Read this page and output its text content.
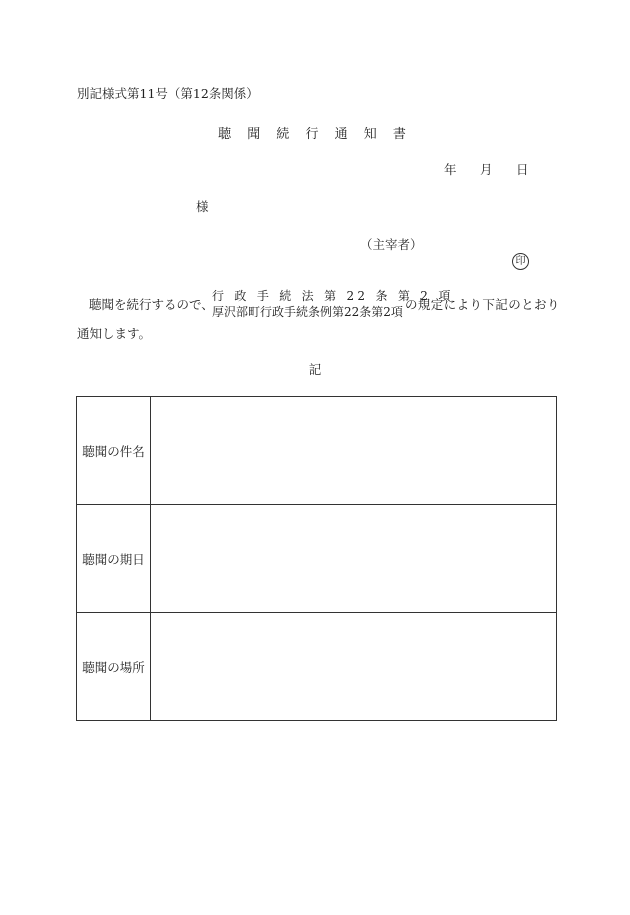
別記様式第11号（第12条関係）
聴 聞 続 行 通 知 書
年 月 日
様
（主宰者）
印
聴聞を続行するので、
行 政 手 続 法 第 22 条 第 2 項
厚沢部町行政手続条例第22条第2項 の規定により下記のとおり
通知します。
記
聴聞の件名	
聴聞の期日	
聴聞の場所	
